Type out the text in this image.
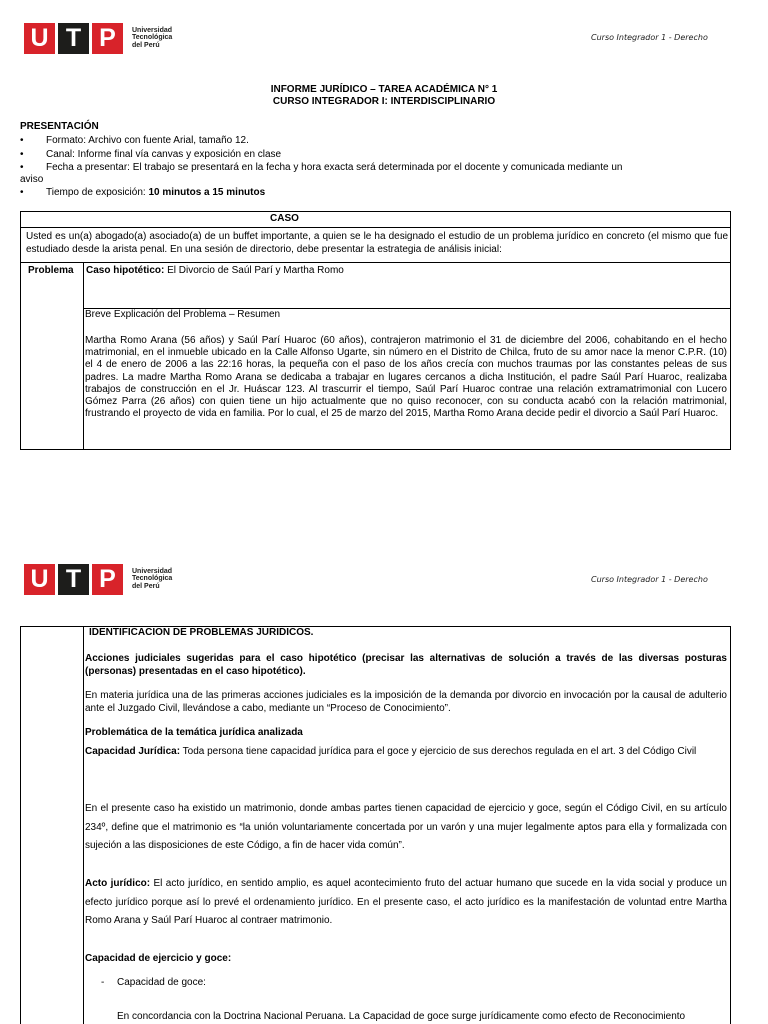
U T P	Universidad
Tecnológica
del Perú
Curso Integrador 1 - Derecho
INFORME JURÍDICO – TAREA ACADÉMICA N° 1
CURSO INTEGRADOR I: INTERDISCIPLINARIO
PRESENTACIÓN
• Formato: Archivo con fuente Arial, tamaño 12.
• Canal: Informe final vía canvas y exposición en clase
• Fecha a presentar: El trabajo se presentará en la fecha y hora exacta será determinada por el docente y comunicada mediante un
aviso
• Tiempo de exposición: 10 minutos a 15 minutos
CASO
Usted es un(a) abogado(a) asociado(a) de un buffet importante, a quien se le ha designado el estudio de un problema jurídico en concreto (el mismo que fue estudiado desde la arista penal. En una sesión de directorio, debe presentar la estrategia de análisis inicial:
Problema Caso hipotético: El Divorcio de Saúl Parí y Martha Romo
Breve Explicación del Problema – Resumen
Martha Romo Arana (56 años) y Saúl Parí Huaroc (60 años), contrajeron matrimonio el 31 de diciembre del 2006, cohabitando en el hecho matrimonial, en el inmueble ubicado en la Calle Alfonso Ugarte, sin número en el Distrito de Chilca, fruto de su amor nace la menor C.P.R. (10) el 4 de enero de 2006 a las 22:16 horas, la pequeña con el paso de los años crecía con muchos traumas por las constantes peleas de sus padres. La madre Martha Romo Arana se dedicaba a trabajar en lugares cercanos a dicha Institución, el padre Saúl Parí Huaroc, realizaba trabajos de construcción en el Jr. Huáscar 123. Al trascurrir el tiempo, Saúl Parí Huaroc contrae una relación extramatrimonial con Lucero Gómez Parra (26 años) con quien tiene un hijo actualmente que no quiso reconocer, con su conducta acabó con la relación matrimonial, frustrando el proyecto de vida en familia. Por lo cual, el 25 de marzo del 2015, Martha Romo Arana decide pedir el divorcio a Saúl Parí Huaroc.
U T P	Universidad
Tecnológica
del Perú
Curso Integrador 1 - Derecho
IDENTIFICACION DE PROBLEMAS JURIDICOS.
Acciones judiciales sugeridas para el caso hipotético (precisar las alternativas de solución a través de las diversas posturas (personas) presentadas en el caso hipotético).
En materia jurídica una de las primeras acciones judiciales es la imposición de la demanda por divorcio en invocación por la causal de adulterio ante el Juzgado Civil, llevándose a cabo, mediante un “Proceso de Conocimiento”.
Problemática de la temática jurídica analizada
Capacidad Jurídica: Toda persona tiene capacidad jurídica para el goce y ejercicio de sus derechos regulada en el art. 3 del Código Civil
En el presente caso ha existido un matrimonio, donde ambas partes tienen capacidad de ejercicio y goce, según el Código Civil, en su artículo 234º, define que el matrimonio es “la unión voluntariamente concertada por un varón y una mujer legalmente aptos para ella y formalizada con sujeción a las disposiciones de este Código, a fin de hacer vida común”.
Acto jurídico: El acto jurídico, en sentido amplio, es aquel acontecimiento fruto del actuar humano que sucede en la vida social y produce un efecto jurídico porque así lo prevé el ordenamiento jurídico. En el presente caso, el acto jurídico es la manifestación de voluntad entre Martha Romo Arana y Saúl Parí Huaroc al contraer matrimonio.
Capacidad de ejercicio y goce:
- Capacidad de goce:
En concordancia con la Doctrina Nacional Peruana. La Capacidad de goce surge jurídicamente como efecto de Reconocimiento
